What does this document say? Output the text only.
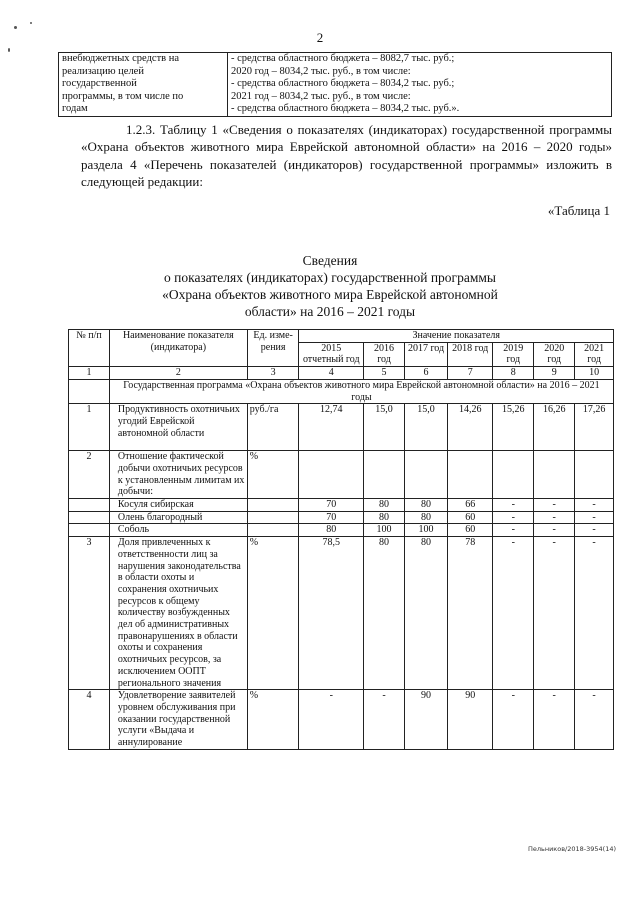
2
внебюджетных средств на
реализацию целей
государственной
программы, в том числе по
годам

- средства областного бюджета – 8082,7 тыс. руб.;
2020 год – 8034,2 тыс. руб., в том числе:
- средства областного бюджета – 8034,2 тыс. руб.;
2021 год – 8034,2 тыс. руб., в том числе:
- средства областного бюджета – 8034,2 тыс. руб.».

1.2.3. Таблицу 1 «Сведения о показателях (индикаторах) государственной программы «Охрана объектов животного мира Еврейской автономной области» на 2016 – 2020 годы» раздела 4 «Перечень показателей (индикаторов) государственной программы» изложить в следующей редакции:

«Таблица 1
Сведения
о показателях (индикаторах) государственной программы
«Охрана объектов животного мира Еврейской автономной
области» на 2016 – 2021 годы
№ п/п	Наименование показателя (индикатора)	Ед. изме-рения	Значение показателя						
			2015 отчетный год	2016 год	2017 год	2018 год	2019 год	2020 год	2021 год
1	2	3	4	5	6	7	8	9	10
	Государственная программа «Охрана объектов животного мира Еврейской автономной области» на 2016 – 2021 годы								
1	Продуктивность охотничьих угодий Еврейской автономной области	руб./га	12,74	15,0	15,0	14,26	15,26	16,26	17,26
2	Отношение фактической добычи охотничьих ресурсов к установленным лимитам их добычи:	%							
	Косуля сибирская		70	80	80	66	-	-	-
	Олень благородный		70	80	80	60	-	-	-
	Соболь		80	100	100	60	-	-	-
3	Доля привлеченных к ответственности лиц за нарушения законодательства в области охоты и сохранения охотничьих ресурсов к общему количеству возбужденных дел об административных правонарушениях в области охоты и сохранения охотничьих ресурсов, за исключением ООПТ регионального значения	%	78,5	80	80	78	-	-	-
4	Удовлетворение заявителей уровнем обслуживания при оказании государственной услуги «Выдача и аннулирование	%	-	-	90	90	-	-	-
Пельников/2018-3954(14)
